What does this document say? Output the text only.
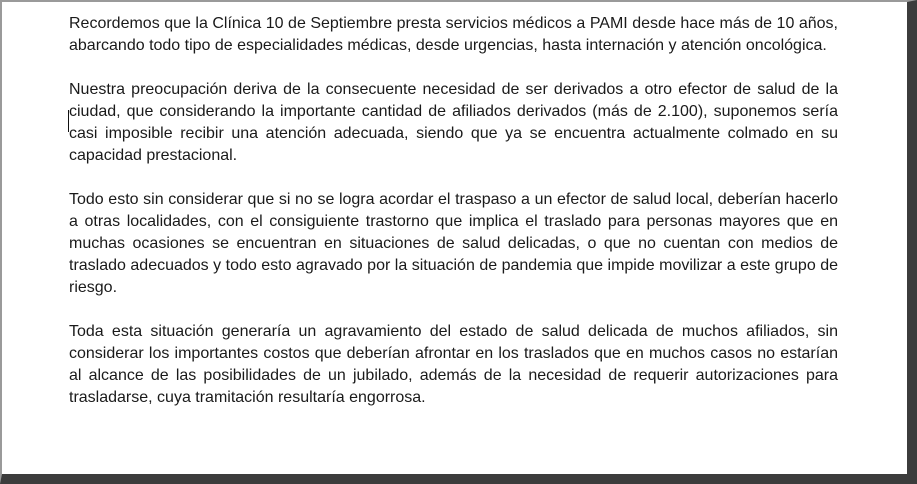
Recordemos que la Clínica 10 de Septiembre presta servicios médicos a PAMI desde hace más de 10 años, abarcando todo tipo de especialidades médicas, desde urgencias, hasta internación y atención oncológica.

Nuestra preocupación deriva de la consecuente necesidad de ser derivados a otro efector de salud de la ciudad, que considerando la importante cantidad de afiliados derivados (más de 2.100), suponemos sería casi imposible recibir una atención adecuada, siendo que ya se encuentra actualmente colmado en su capacidad prestacional.

Todo esto sin considerar que si no se logra acordar el traspaso a un efector de salud local, deberían hacerlo a otras localidades, con el consiguiente trastorno que implica el traslado para personas mayores que en muchas ocasiones se encuentran en situaciones de salud delicadas, o que no cuentan con medios de traslado adecuados y todo esto agravado por la situación de pandemia que impide movilizar a este grupo de riesgo.

Toda esta situación generaría un agravamiento del estado de salud delicada de muchos afiliados, sin considerar los importantes costos que deberían afrontar en los traslados que en muchos casos no estarían al alcance de las posibilidades de un jubilado, además de la necesidad de requerir autorizaciones para trasladarse, cuya tramitación resultaría engorrosa.
